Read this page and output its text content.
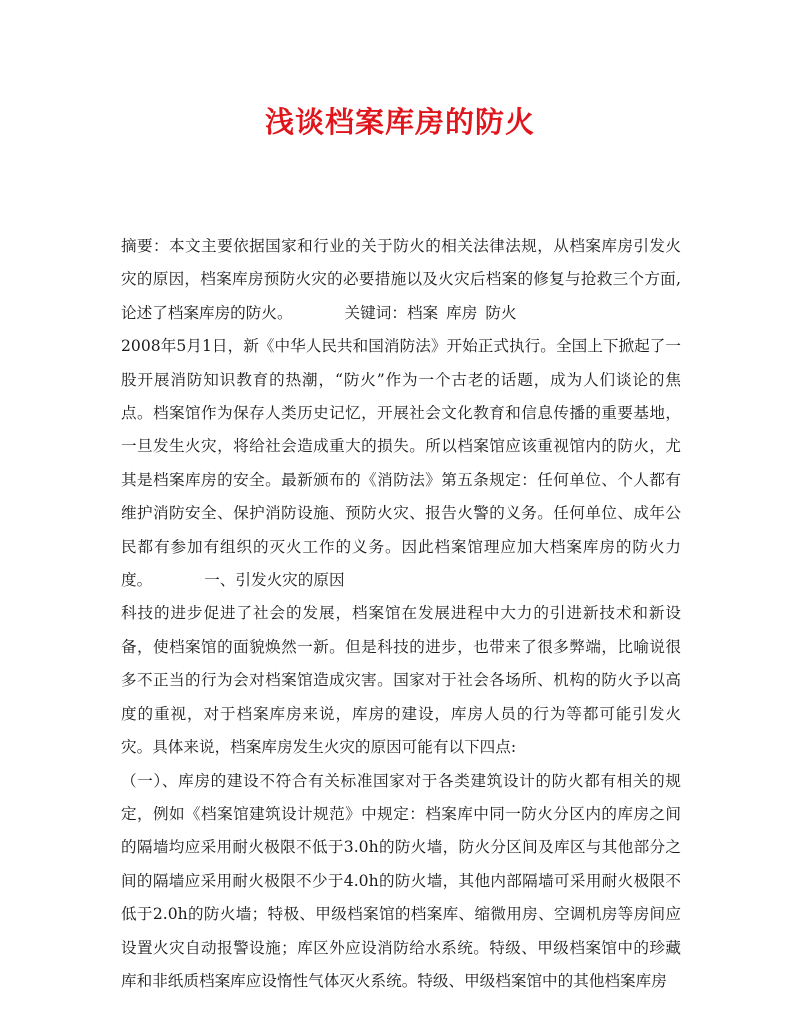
浅谈档案库房的防火

摘要：本文主要依据国家和行业的关于防火的相关法律法规，从档案库房引发火灾的原因，档案库房预防火灾的必要措施以及火灾后档案的修复与抢救三个方面,论述了档案库房的防火。	关键词：档案 库房 防火

2008年5月1日，新《中华人民共和国消防法》开始正式执行。全国上下掀起了一股开展消防知识教育的热潮，“防火”作为一个古老的话题，成为人们谈论的焦点。档案馆作为保存人类历史记忆，开展社会文化教育和信息传播的重要基地，一旦发生火灾，将给社会造成重大的损失。所以档案馆应该重视馆内的防火，尤其是档案库房的安全。最新颁布的《消防法》第五条规定：任何单位、个人都有维护消防安全、保护消防设施、预防火灾、报告火警的义务。任何单位、成年公民都有参加有组织的灭火工作的义务。因此档案馆理应加大档案库房的防火力度。	一、引发火灾的原因

科技的进步促进了社会的发展，档案馆在发展进程中大力的引进新技术和新设备，使档案馆的面貌焕然一新。但是科技的进步，也带来了很多弊端，比喻说很多不正当的行为会对档案馆造成灾害。国家对于社会各场所、机构的防火予以高度的重视，对于档案库房来说，库房的建设，库房人员的行为等都可能引发火灾。具体来说，档案库房发生火灾的原因可能有以下四点:

（一）、库房的建设不符合有关标准国家对于各类建筑设计的防火都有相关的规定，例如《档案馆建筑设计规范》中规定：档案库中同一防火分区内的库房之间的隔墙均应采用耐火极限不低于3.0h的防火墙，防火分区间及库区与其他部分之间的隔墙应采用耐火极限不少于4.0h的防火墙，其他内部隔墙可采用耐火极限不低于2.0h的防火墙；特极、甲级档案馆的档案库、缩微用房、空调机房等房间应设置火灾自动报警设施；库区外应设消防给水系统。特级、甲级档案馆中的珍藏库和非纸质档案库应设惰性气体灭火系统。特级、甲级档案馆中的其他档案库房
